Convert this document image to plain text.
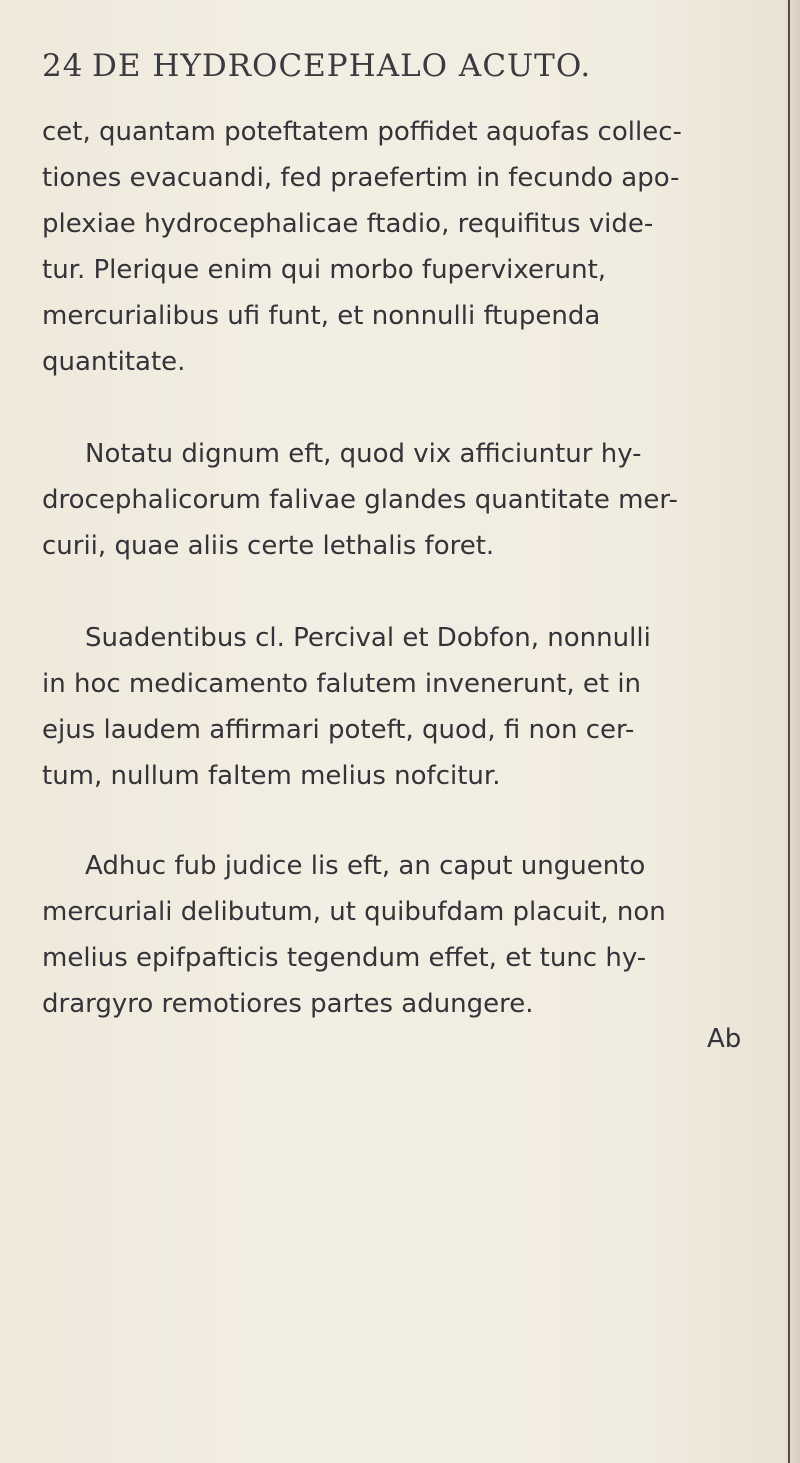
24 DE HYDROCEPHALO ACUTO.
cet, quantam poteftatem poffidet aquofas collec-
tiones evacuandi, fed praefertim in fecundo apo-
plexiae hydrocephalicae ftadio, requifitus vide-
tur. Plerique enim qui morbo fupervixerunt,
mercurialibus ufi funt, et nonnulli ftupenda
quantitate.
Notatu dignum eft, quod vix afficiuntur hy-
drocephalicorum falivae glandes quantitate mer-
curii, quae aliis certe lethalis foret.
Suadentibus cl. Percival et Dobfon, nonnulli
in hoc medicamento falutem invenerunt, et in
ejus laudem affirmari poteft, quod, fi non cer-
tum, nullum faltem melius nofcitur.
Adhuc fub judice lis eft, an caput unguento
mercuriali delibutum, ut quibufdam placuit, non
melius epifpafticis tegendum effet, et tunc hy-
drargyro remotiores partes adungere.
Ab
